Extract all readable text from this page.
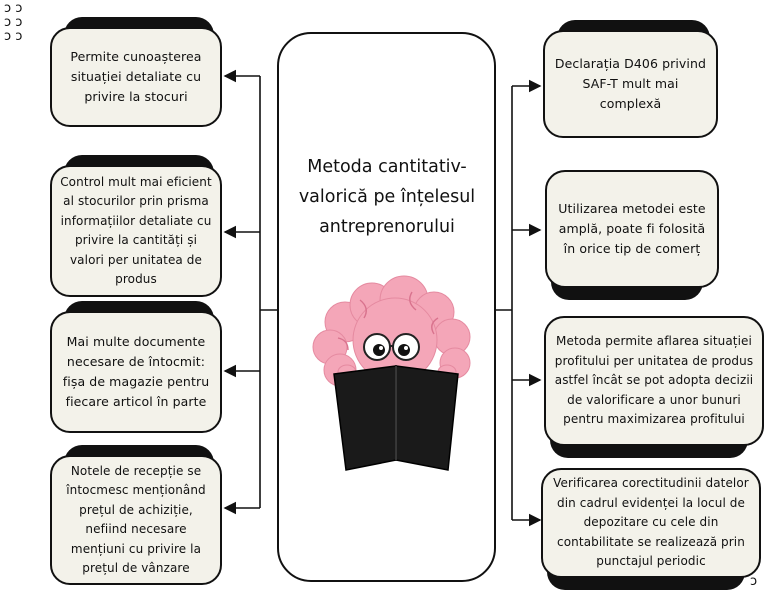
ↄ ↄ
ↄ ↄ
ↄ ↄ
ↄ
Metoda cantitativ-valorică pe înțelesul antreprenorului
Permite cunoașterea situației detaliate cu privire la stocuri
Control mult mai eficient al stocurilor prin prisma informațiilor detaliate cu privire la cantități și valori per unitatea de produs
Mai multe documente necesare de întocmit: fișa de magazie pentru fiecare articol în parte
Notele de recepție se întocmesc menționând prețul de achiziție, nefiind necesare mențiuni cu privire la prețul de vânzare
Declarația D406 privind SAF-T mult mai complexă
Utilizarea metodei este amplă, poate fi folosită în orice tip de comerț
Metoda permite aflarea situației profitului per unitatea de produs astfel încât se pot adopta decizii de valorificare a unor bunuri pentru maximizarea profitului
Verificarea corectitudinii datelor din cadrul evidenței la locul de depozitare cu cele din contabilitate se realizează prin punctajul periodic
